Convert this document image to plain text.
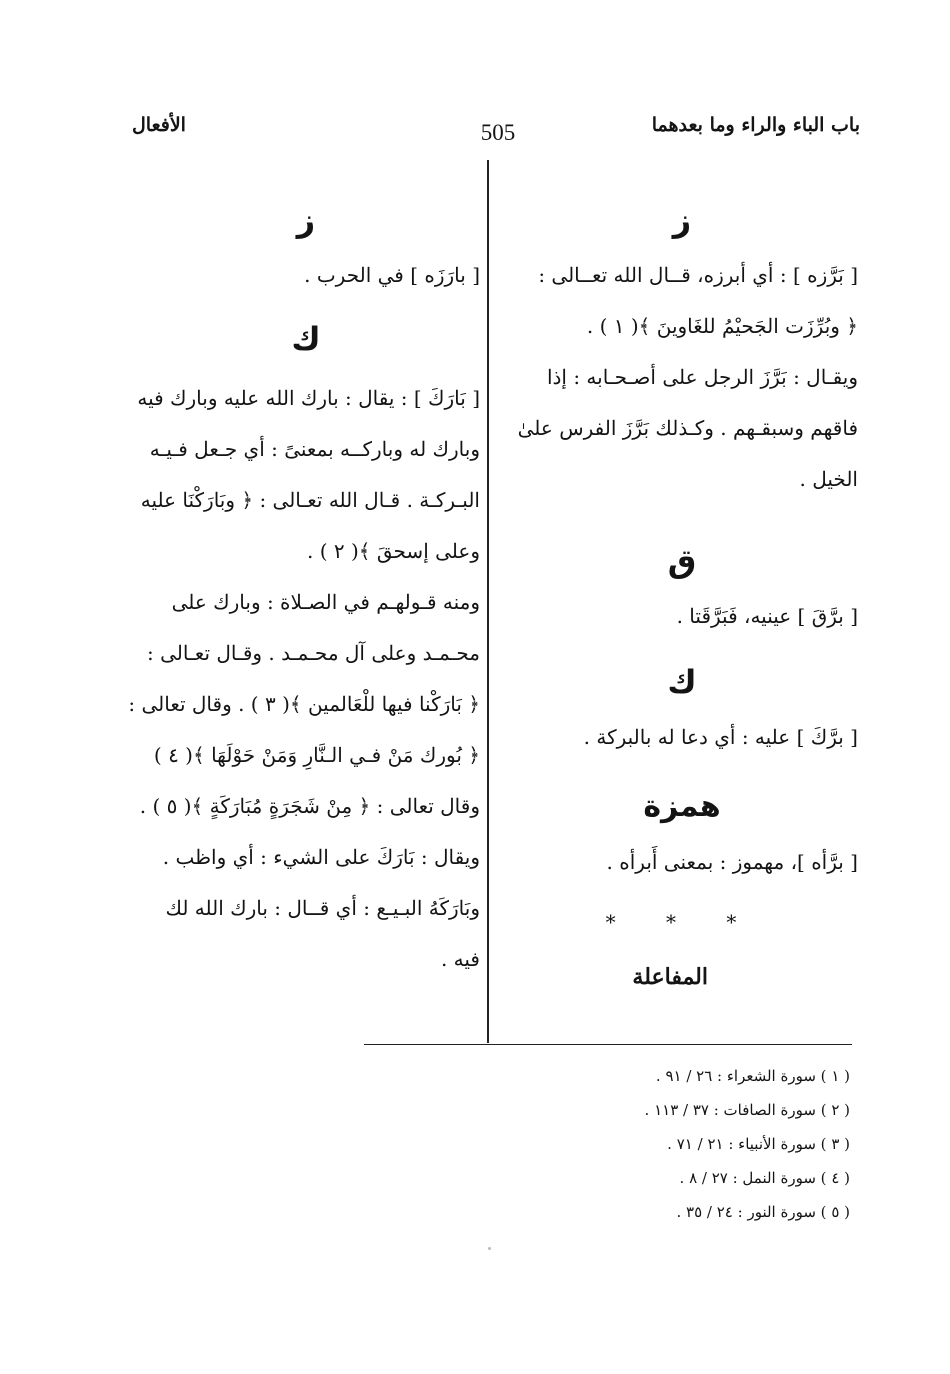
باب الباء والراء وما بعدهما
505
الأفعال
ز
[ بَرَّزه ] : أي أبرزه، قــال الله تعــالى :
﴿ وبُرِّزَت الجَحيْمُ للغَاوينَ ﴾( ١ ) .
ويقـال : بَرَّزَ الرجل على أصـحـابه : إذا
فاقهم وسبقـهم . وكـذلك بَرَّزَ الفرس علىٰ
الخيل .
ق
[ برَّقَ ] عينيه، فَبَرَّقَتا .
ك
[ برَّكَ ] عليه : أي دعا له بالبركة .
همزة
[ برَّأه ]، مهموز : بمعنى أَبرأه .
* * *
المفاعلة
ز
[ بارَزَه ] في الحرب .
ك
[ بَارَكَ ] : يقال : بارك الله عليه وبارك فيه
وبارك له وباركــه بمعنىً : أي جـعل فـيـه
البـركـة . قـال الله تعـالى : ﴿ وبَارَكْنَا عليه
وعلى إسحقَ ﴾( ٢ ) .
ومنه قـولهـم في الصـلاة : وبارك على
محـمـد وعلى آل محـمـد . وقـال تعـالى :
﴿ بَارَكْنا فيها للْعَالمين ﴾( ٣ ) . وقال تعالى :
﴿ بُورك مَنْ فـي الـنَّارِ وَمَنْ حَوْلَهَا ﴾( ٤ )
وقال تعالى : ﴿ مِنْ شَجَرَةٍ مُبَارَكَةٍ ﴾( ٥ ) .
ويقال : بَارَكَ على الشيء : أي واظب .
وبَارَكَهُ البـيـع : أي قــال : بارك الله لك
فيه .
( ١ ) سورة الشعراء : ٢٦ / ٩١ .
( ٢ ) سورة الصافات : ٣٧ / ١١٣ .
( ٣ ) سورة الأنبياء : ٢١ / ٧١ .
( ٤ ) سورة النمل : ٢٧ / ٨ .
( ٥ ) سورة النور : ٢٤ / ٣٥ .
